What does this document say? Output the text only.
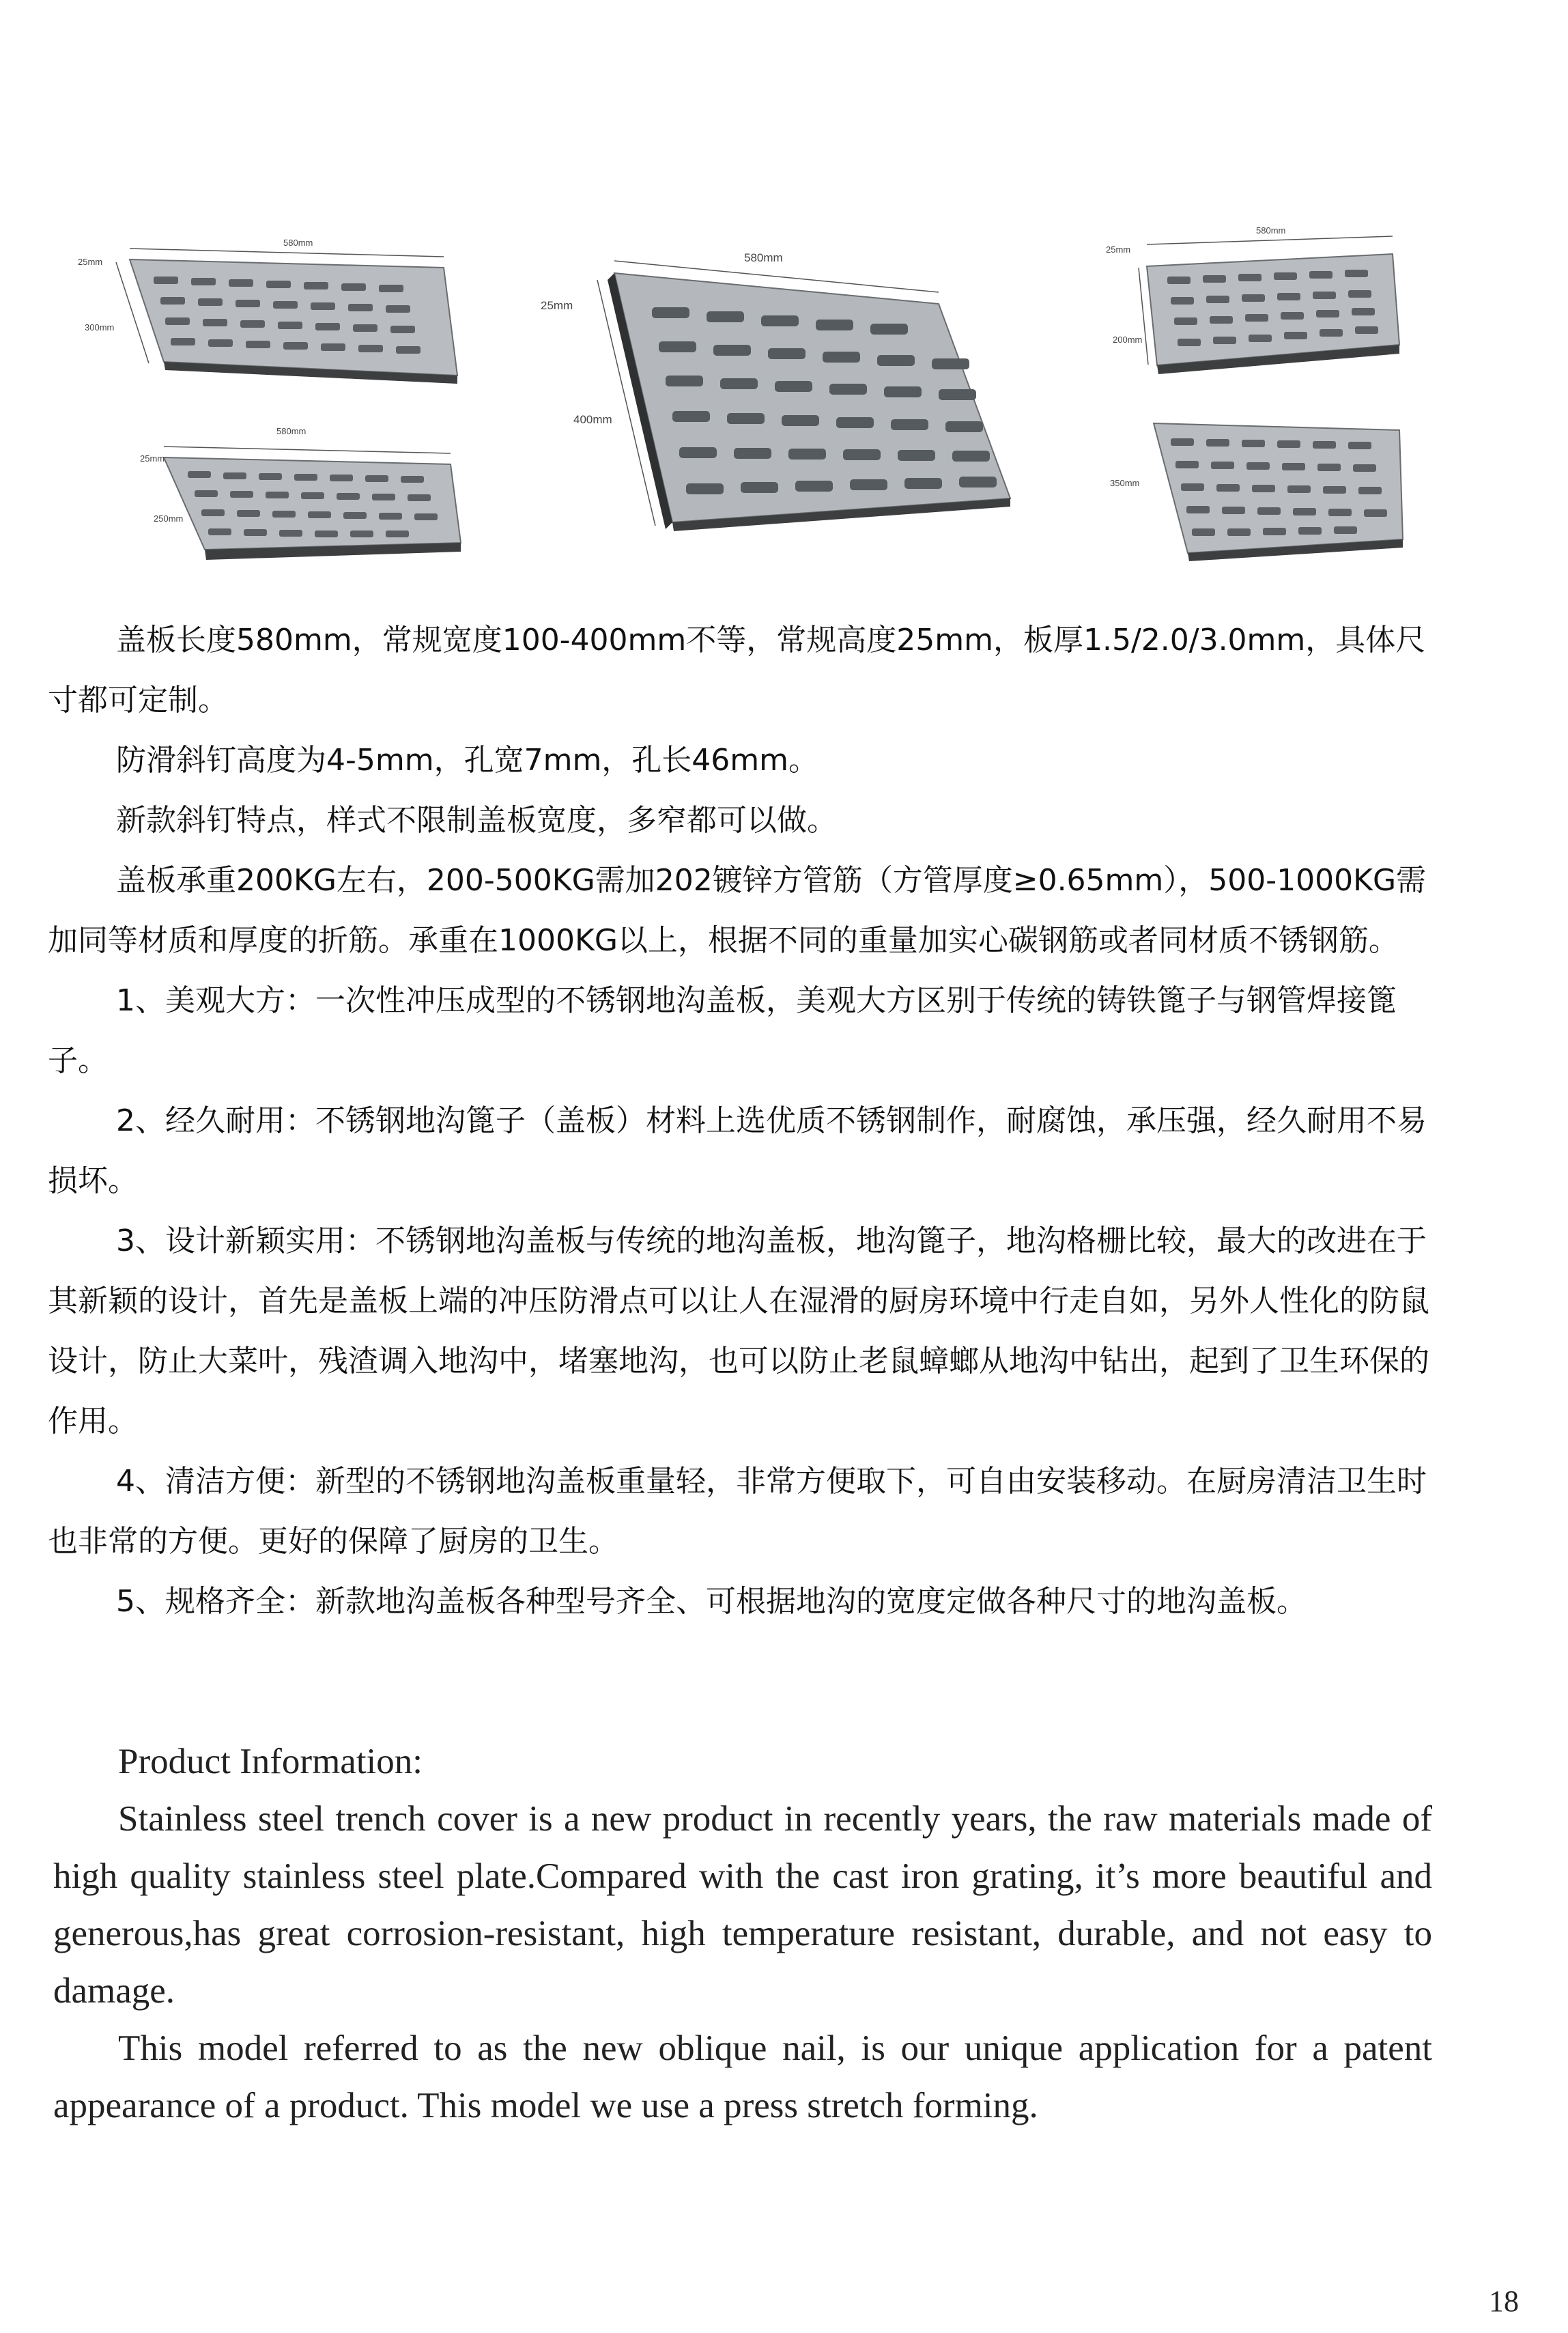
580mm
25mm
300mm
580mm
25mm
250mm
580mm
25mm
400mm
580mm
25mm
200mm
350mm

盖板长度580mm，常规宽度100-400mm不等，常规高度25mm，板厚1.5/2.0/3.0mm，具体尺寸都可定制。

防滑斜钉高度为4-5mm，孔宽7mm，孔长46mm。

新款斜钉特点，样式不限制盖板宽度，多窄都可以做。

盖板承重200KG左右，200-500KG需加202镀锌方管筋（方管厚度≥0.65mm），500-1000KG需加同等材质和厚度的折筋。承重在1000KG以上，根据不同的重量加实心碳钢筋或者同材质不锈钢筋。

1、美观大方：一次性冲压成型的不锈钢地沟盖板，美观大方区别于传统的铸铁篦子与钢管焊接篦子。

2、经久耐用：不锈钢地沟篦子（盖板）材料上选优质不锈钢制作，耐腐蚀，承压强，经久耐用不易损坏。

3、设计新颖实用：不锈钢地沟盖板与传统的地沟盖板，地沟篦子，地沟格栅比较，最大的改进在于其新颖的设计，首先是盖板上端的冲压防滑点可以让人在湿滑的厨房环境中行走自如，另外人性化的防鼠设计，防止大菜叶，残渣调入地沟中，堵塞地沟，也可以防止老鼠蟑螂从地沟中钻出，起到了卫生环保的作用。

4、清洁方便：新型的不锈钢地沟盖板重量轻，非常方便取下，可自由安装移动。在厨房清洁卫生时也非常的方便。更好的保障了厨房的卫生。

5、规格齐全：新款地沟盖板各种型号齐全、可根据地沟的宽度定做各种尺寸的地沟盖板。

Product Information:

Stainless steel trench cover is a new product in recently years, the raw materials made of high quality stainless steel plate.Compared with the cast iron grating, it’s more beautiful and generous,has great corrosion-resistant, high temperature resistant, durable, and not easy to damage.

This model referred to as the new oblique nail, is our unique application for a patent appearance of a product. This model we use a press stretch forming.

18
